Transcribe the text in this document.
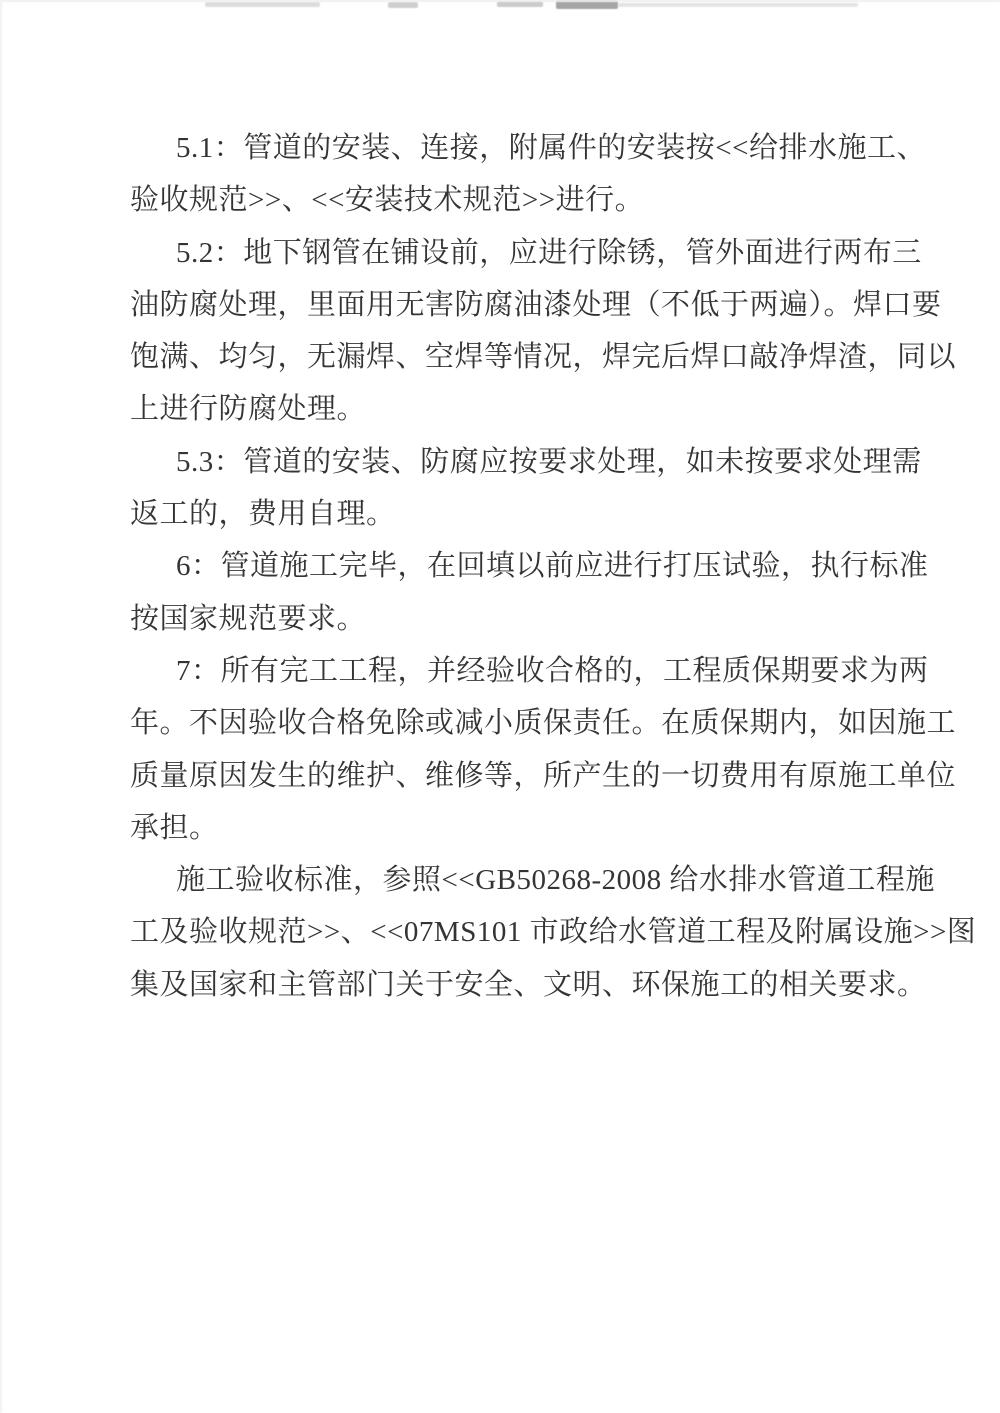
5.1：管道的安装、连接，附属件的安装按<<给排水施工、
验收规范>>、<<安装技术规范>>进行。
5.2：地下钢管在铺设前，应进行除锈，管外面进行两布三
油防腐处理，里面用无害防腐油漆处理（不低于两遍）。焊口要
饱满、均匀，无漏焊、空焊等情况，焊完后焊口敲净焊渣，同以
上进行防腐处理。
5.3：管道的安装、防腐应按要求处理，如未按要求处理需
返工的，费用自理。
6：管道施工完毕，在回填以前应进行打压试验，执行标准
按国家规范要求。
7：所有完工工程，并经验收合格的，工程质保期要求为两
年。不因验收合格免除或减小质保责任。在质保期内，如因施工
质量原因发生的维护、维修等，所产生的一切费用有原施工单位
承担。
施工验收标准，参照<<GB50268-2008 给水排水管道工程施
工及验收规范>>、<<07MS101 市政给水管道工程及附属设施>>图
集及国家和主管部门关于安全、文明、环保施工的相关要求。
